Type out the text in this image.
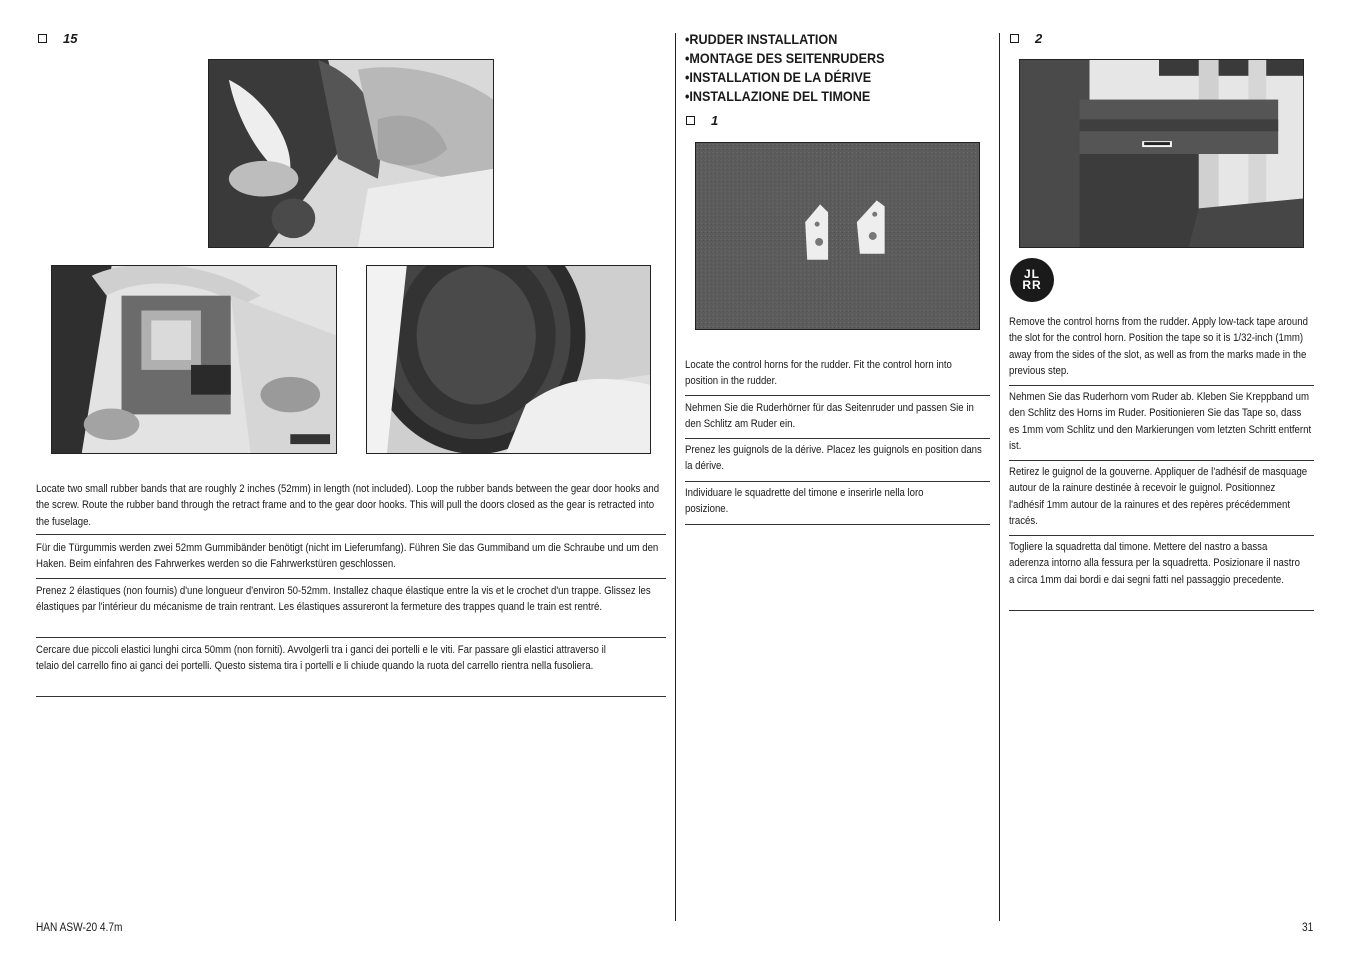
15

Locate two small rubber bands that are roughly 2 inches (52mm) in length (not included). Loop the rubber bands between the gear door hooks and the screw. Route the rubber band through the retract frame and to the gear door hooks. This will pull the doors closed as the gear is retracted into the fuselage.

Für die Türgummis werden zwei 52mm Gummibänder benötigt (nicht im Lieferumfang). Führen Sie das Gummiband um die Schraube und um den Haken. Beim einfahren des Fahrwerkes werden so die Fahrwerkstüren geschlossen.

Prenez 2 élastiques (non fournis) d'une longueur d'environ 50-52mm. Installez chaque élastique entre la vis et le crochet d'un trappe. Glissez les élastiques par l'intérieur du mécanisme de train rentrant. Les élastiques assureront la fermeture des trappes quand le train est rentré.

Cercare due piccoli elastici lunghi circa 50mm (non forniti). Avvolgerli tra i ganci dei portelli e le viti. Far passare gli elastici attraverso il telaio del carrello fino ai ganci dei portelli. Questo sistema tira i portelli e li chiude quando la ruota del carrello rientra nella fusoliera.

•RUDDER INSTALLATION
•MONTAGE DES SEITENRUDERS
•INSTALLATION DE LA DÉRIVE
•INSTALLAZIONE DEL TIMONE
1

Locate the control horns for the rudder. Fit the control horn into position in the rudder.

Nehmen Sie die Ruderhörner für das Seitenruder und passen Sie in den Schlitz am Ruder ein.

Prenez les guignols de la dérive. Placez les guignols en position dans la dérive.

Individuare le squadrette del timone e inserirle nella loro posizione.

2
JL RR

Remove the control horns from the rudder. Apply low-tack tape around the slot for the control horn. Position the tape so it is 1/32-inch (1mm) away from the sides of the slot, as well as from the marks made in the previous step.

Nehmen Sie das Ruderhorn vom Ruder ab. Kleben Sie Kreppband um den Schlitz des Horns im Ruder. Positionieren Sie das Tape so, dass es 1mm vom Schlitz und den Markierungen vom letzten Schritt entfernt ist.

Retirez le guignol de la gouverne. Appliquer de l'adhésif de masquage autour de la rainure destinée à recevoir le guignol. Positionnez l'adhésif 1mm autour de la rainures et des repères précédemment tracés.

Togliere la squadretta dal timone. Mettere del nastro a bassa aderenza intorno alla fessura per la squadretta. Posizionare il nastro a circa 1mm dai bordi e dai segni fatti nel passaggio precedente.

HAN ASW-20 4.7m	31
